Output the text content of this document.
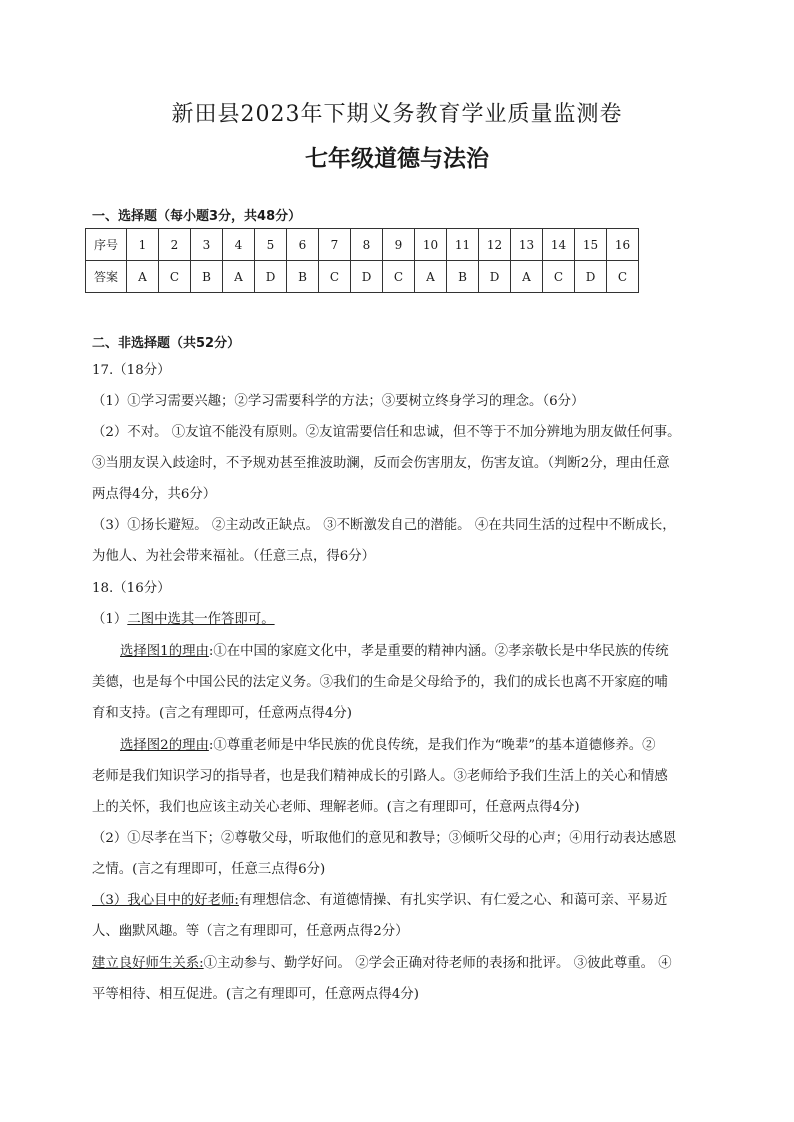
新田县2023年下期义务教育学业质量监测卷
七年级道德与法治
一、选择题（每小题3分，共48分）
序号	1	2	3	4	5	6	7	8	9	10	11	12	13	14	15	16
答案	A	C	B	A	D	B	C	D	C	A	B	D	A	C	D	C
二、非选择题（共52分）
17.（18分）
（1）①学习需要兴趣；②学习需要科学的方法；③要树立终身学习的理念。（6分）
（2）不对。 ①友谊不能没有原则。②友谊需要信任和忠诚，但不等于不加分辨地为朋友做任何事。
③当朋友误入歧途时，不予规劝甚至推波助澜，反而会伤害朋友，伤害友谊。（判断2分，理由任意
两点得4分，共6分）
（3）①扬长避短。 ②主动改正缺点。 ③不断激发自己的潜能。 ④在共同生活的过程中不断成长，
为他人、为社会带来福祉。（任意三点，得6分）
18.（16分）
（1）二图中选其一作答即可。
选择图1的理由:①在中国的家庭文化中，孝是重要的精神内涵。②孝亲敬长是中华民族的传统
美德，也是每个中国公民的法定义务。③我们的生命是父母给予的，我们的成长也离不开家庭的哺
育和支持。(言之有理即可，任意两点得4分)
选择图2的理由:①尊重老师是中华民族的优良传统，是我们作为“晚辈”的基本道德修养。②
老师是我们知识学习的指导者，也是我们精神成长的引路人。③老师给予我们生活上的关心和情感
上的关怀，我们也应该主动关心老师、理解老师。(言之有理即可，任意两点得4分)
（2）①尽孝在当下；②尊敬父母，听取他们的意见和教导；③倾听父母的心声；④用行动表达感恩
之情。(言之有理即可，任意三点得6分)
（3）我心目中的好老师:有理想信念、有道德情操、有扎实学识、有仁爱之心、和蔼可亲、平易近
人、幽默风趣。等（言之有理即可，任意两点得2分）
建立良好师生关系:①主动参与、勤学好问。 ②学会正确对待老师的表扬和批评。 ③彼此尊重。 ④
平等相待、相互促进。(言之有理即可，任意两点得4分)
